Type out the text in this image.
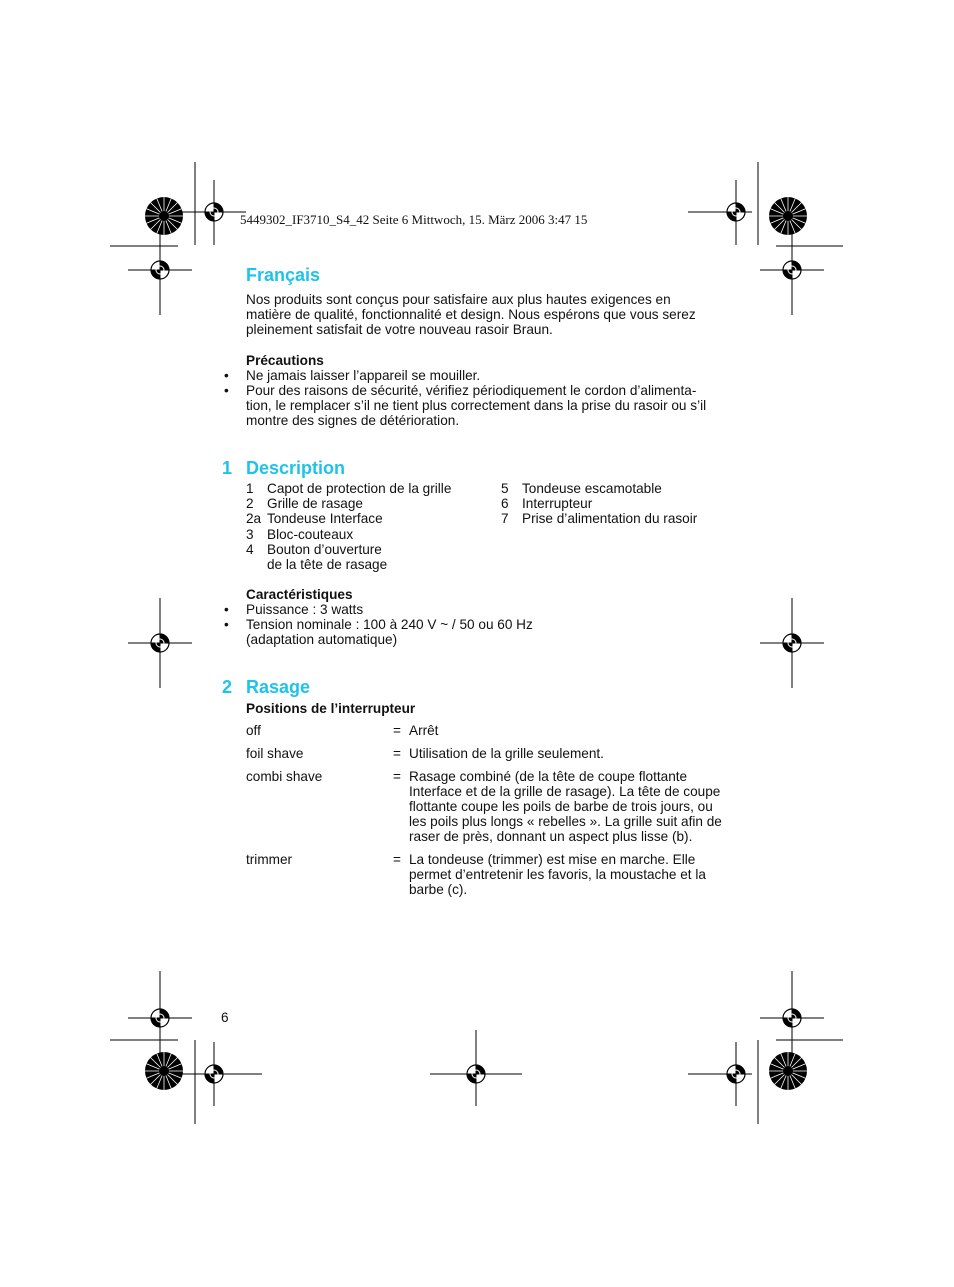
5449302_IF3710_S4_42 Seite 6 Mittwoch, 15. März 2006 3:47 15
Français
Nos produits sont conçus pour satisfaire aux plus hautes exigences en
matière de qualité, fonctionnalité et design. Nous espérons que vous serez
pleinement satisfait de votre nouveau rasoir Braun.
Précautions
• Ne jamais laisser l’appareil se mouiller.
• Pour des raisons de sécurité, vérifiez périodiquement le cordon d’alimenta-
tion, le remplacer s’il ne tient plus correctement dans la prise du rasoir ou s’il
montre des signes de détérioration.
1 Description
1 Capot de protection de la grille
2 Grille de rasage
2a Tondeuse Interface
3 Bloc-couteaux
4 Bouton d’ouverture
de la tête de rasage
5 Tondeuse escamotable
6 Interrupteur
7 Prise d’alimentation du rasoir
Caractéristiques
• Puissance : 3 watts
• Tension nominale : 100 à 240 V ~ / 50 ou 60 Hz
(adaptation automatique)
2 Rasage
Positions de l’interrupteur
off	= Arrêt
foil shave	= Utilisation de la grille seulement.
combi shave	= Rasage combiné (de la tête de coupe flottante
Interface et de la grille de rasage). La tête de coupe
flottante coupe les poils de barbe de trois jours, ou
les poils plus longs « rebelles ». La grille suit afin de
raser de près, donnant un aspect plus lisse (b).
trimmer	= La tondeuse (trimmer) est mise en marche. Elle
permet d’entretenir les favoris, la moustache et la
barbe (c).
6
